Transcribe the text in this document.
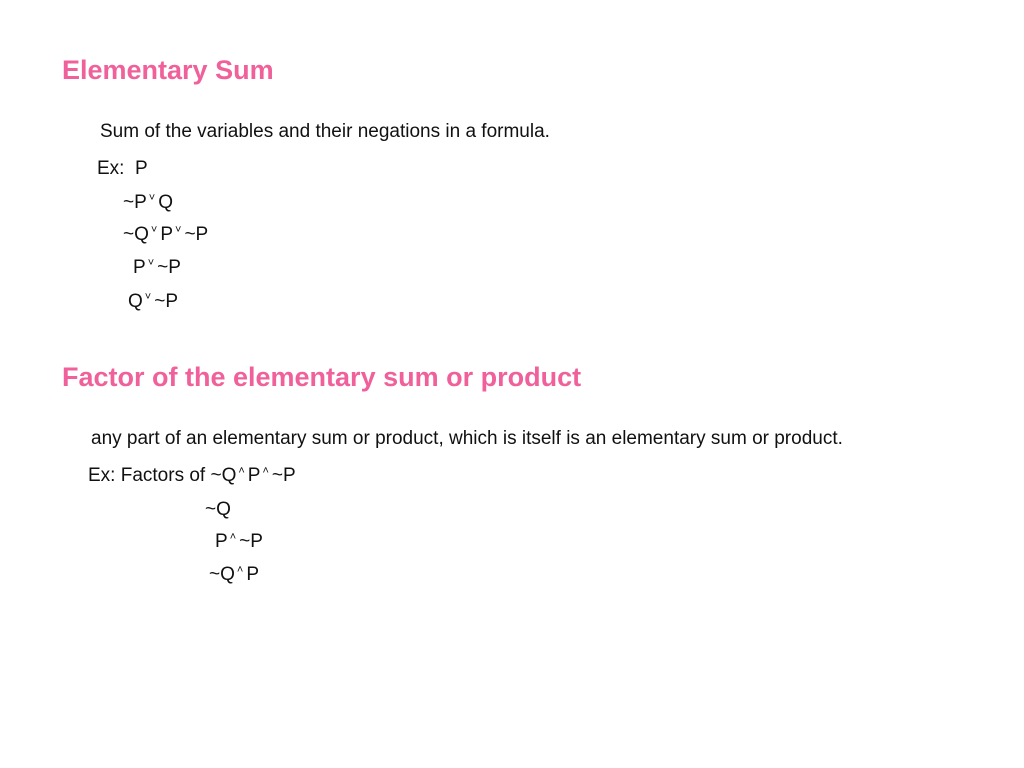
Elementary Sum
Sum of the variables and their negations in a formula.
Ex: P
~P ˅ Q
~Q ˅ P ˅ ~P
P ˅ ~P
Q ˅ ~P
Factor of the elementary sum or product
any part of an elementary sum or product, which is itself is an elementary sum or product.
Ex: Factors of ~Q ˄ P ˄ ~P
~Q
P ˄ ~P
~Q ˄ P
